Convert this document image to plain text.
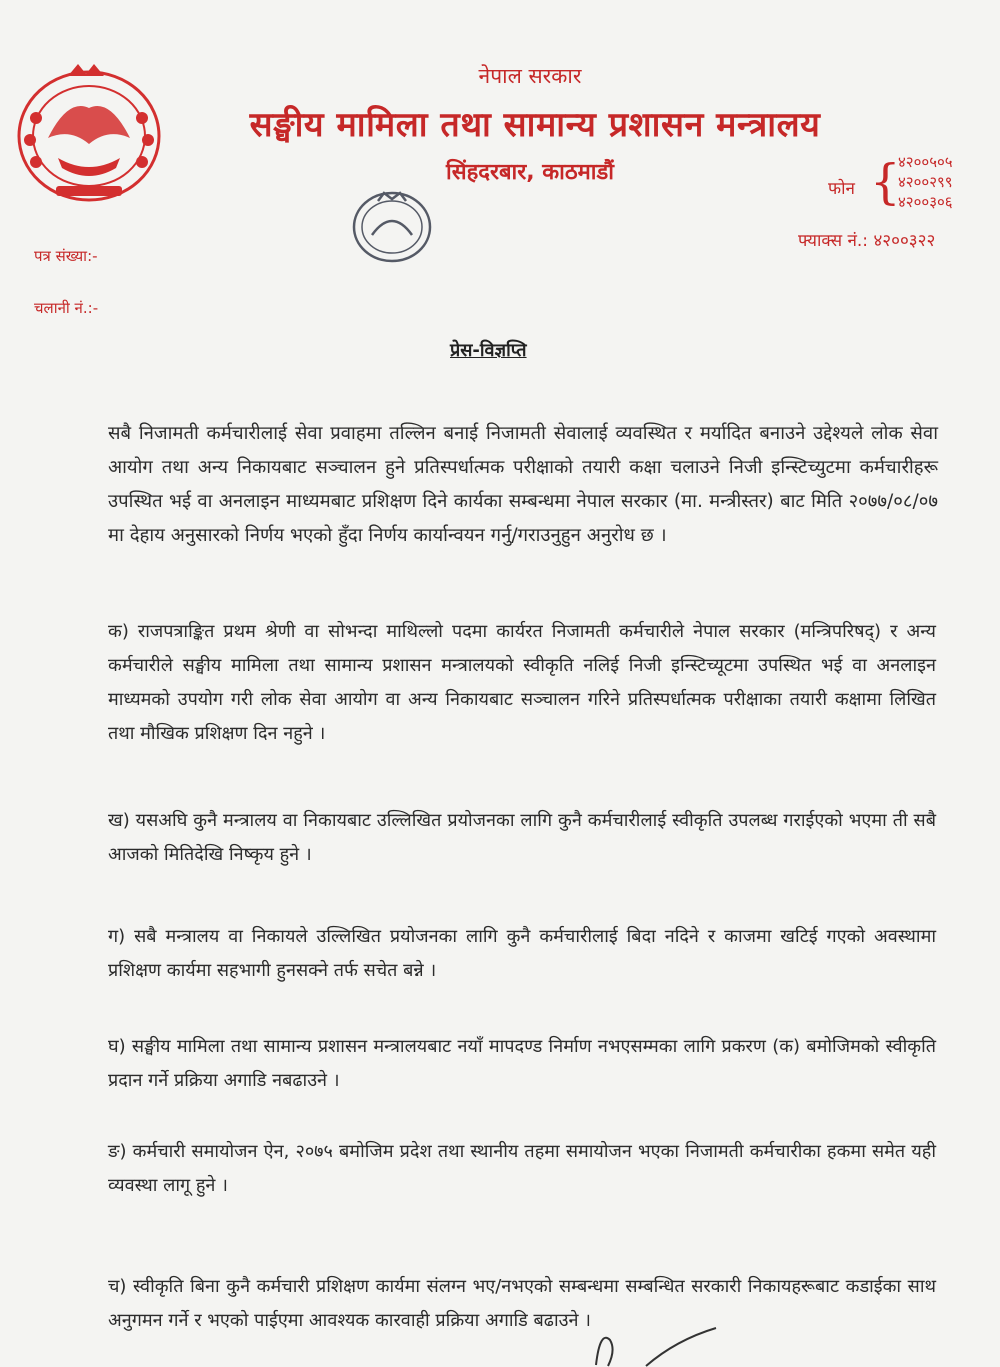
नेपाल सरकार
सङ्घीय मामिला तथा सामान्य प्रशासन मन्त्रालय
सिंहदरबार, काठमाडौं
फोन {
४२००५०५
४२००२९९
४२००३०६
फ्याक्स नं.: ४२००३२२
पत्र संख्या:-
चलानी नं.:-
प्रेस-विज्ञप्ति

सबै निजामती कर्मचारीलाई सेवा प्रवाहमा तल्लिन बनाई निजामती सेवालाई व्यवस्थित र मर्यादित बनाउने उद्देश्यले लोक सेवा आयोग तथा अन्य निकायबाट सञ्चालन हुने प्रतिस्पर्धात्मक परीक्षाको तयारी कक्षा चलाउने निजी इन्स्टिच्युटमा कर्मचारीहरू उपस्थित भई वा अनलाइन माध्यमबाट प्रशिक्षण दिने कार्यका सम्बन्धमा नेपाल सरकार (मा. मन्त्रीस्तर) बाट मिति २०७७/०८/०७ मा देहाय अनुसारको निर्णय भएको हुँदा निर्णय कार्यान्वयन गर्नु/गराउनुहुन अनुरोध छ ।

क) राजपत्राङ्कित प्रथम श्रेणी वा सोभन्दा माथिल्लो पदमा कार्यरत निजामती कर्मचारीले नेपाल सरकार (मन्त्रिपरिषद्) र अन्य कर्मचारीले सङ्घीय मामिला तथा सामान्य प्रशासन मन्त्रालयको स्वीकृति नलिई निजी इन्स्टिच्यूटमा उपस्थित भई वा अनलाइन माध्यमको उपयोग गरी लोक सेवा आयोग वा अन्य निकायबाट सञ्चालन गरिने प्रतिस्पर्धात्मक परीक्षाका तयारी कक्षामा लिखित तथा मौखिक प्रशिक्षण दिन नहुने ।

ख) यसअघि कुनै मन्त्रालय वा निकायबाट उल्लिखित प्रयोजनका लागि कुनै कर्मचारीलाई स्वीकृति उपलब्ध गराईएको भएमा ती सबै आजको मितिदेखि निष्कृय हुने ।

ग) सबै मन्त्रालय वा निकायले उल्लिखित प्रयोजनका लागि कुनै कर्मचारीलाई बिदा नदिने र काजमा खटिई गएको अवस्थामा प्रशिक्षण कार्यमा सहभागी हुनसक्ने तर्फ सचेत बन्ने ।

घ) सङ्घीय मामिला तथा सामान्य प्रशासन मन्त्रालयबाट नयाँ मापदण्ड निर्माण नभएसम्मका लागि प्रकरण (क) बमोजिमको स्वीकृति प्रदान गर्ने प्रक्रिया अगाडि नबढाउने ।

ङ) कर्मचारी समायोजन ऐन, २०७५ बमोजिम प्रदेश तथा स्थानीय तहमा समायोजन भएका निजामती कर्मचारीका हकमा समेत यही व्यवस्था लागू हुने ।

च) स्वीकृति बिना कुनै कर्मचारी प्रशिक्षण कार्यमा संलग्न भए/नभएको सम्बन्धमा सम्बन्धित सरकारी निकायहरूबाट कडाईका साथ अनुगमन गर्ने र भएको पाईएमा आवश्यक कारवाही प्रक्रिया अगाडि बढाउने ।
